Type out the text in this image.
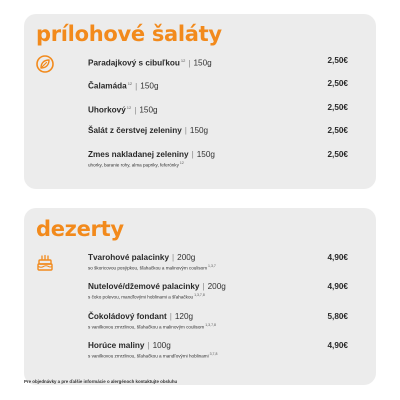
prílohové šaláty
Paradajkový s cibuľkou$^{12}$ | 150g	2,50€
Čalamáda$^{12}$ | 150g	2,50€
Uhorkový$^{12}$ | 150g	2,50€
Šalát z čerstvej zeleniny | 150g	2,50€
Zmes nakladanej zeleniny | 150g	2,50€
uhorky, baranie rohy, alma papriky, feferónky$^{12}$
dezerty
Tvarohové palacinky | 200g	4,90€
so škoricovou posýpkou, šľahačkou a malinovým coulisom$^{1,3,7}$
Nutelové/džemové palacinky | 200g	4,90€
s čoko polevou, mandľovými hoblinami a šľahačkou$^{1,3,7,8}$
Čokoládový fondant | 120g	5,80€
s vanilkovou zmrzlinou, šľahačkou a malinovým coulisom$^{1,3,7,8}$
Horúce maliny | 100g	4,90€
s vanilkovou zmrzlinou, šľahačkou a mandľovými hoblinami$^{3,7,8}$
Pre objednávky a pre ďalšie informácie o alergénoch kontaktujte obsluhu
